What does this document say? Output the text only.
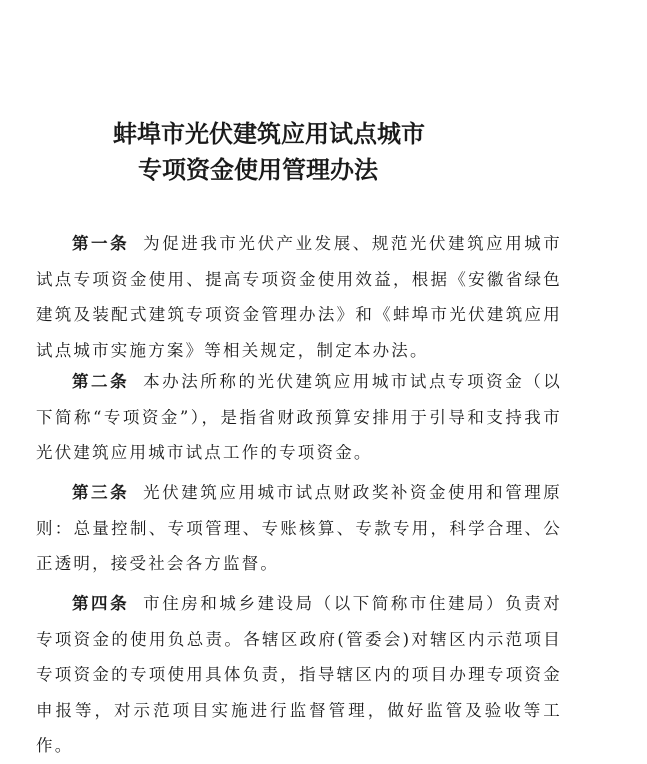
蚌埠市光伏建筑应用试点城市
专项资金使用管理办法

第一条 为促进我市光伏产业发展、规范光伏建筑应用城市试点专项资金使用、提高专项资金使用效益，根据《安徽省绿色建筑及装配式建筑专项资金管理办法》和《蚌埠市光伏建筑应用试点城市实施方案》等相关规定，制定本办法。

第二条 本办法所称的光伏建筑应用城市试点专项资金（以下简称“专项资金”），是指省财政预算安排用于引导和支持我市光伏建筑应用城市试点工作的专项资金。

第三条 光伏建筑应用城市试点财政奖补资金使用和管理原则：总量控制、专项管理、专账核算、专款专用，科学合理、公正透明，接受社会各方监督。

第四条 市住房和城乡建设局（以下简称市住建局）负责对专项资金的使用负总责。各辖区政府(管委会)对辖区内示范项目专项资金的专项使用具体负责，指导辖区内的项目办理专项资金申报等，对示范项目实施进行监督管理，做好监管及验收等工作。
